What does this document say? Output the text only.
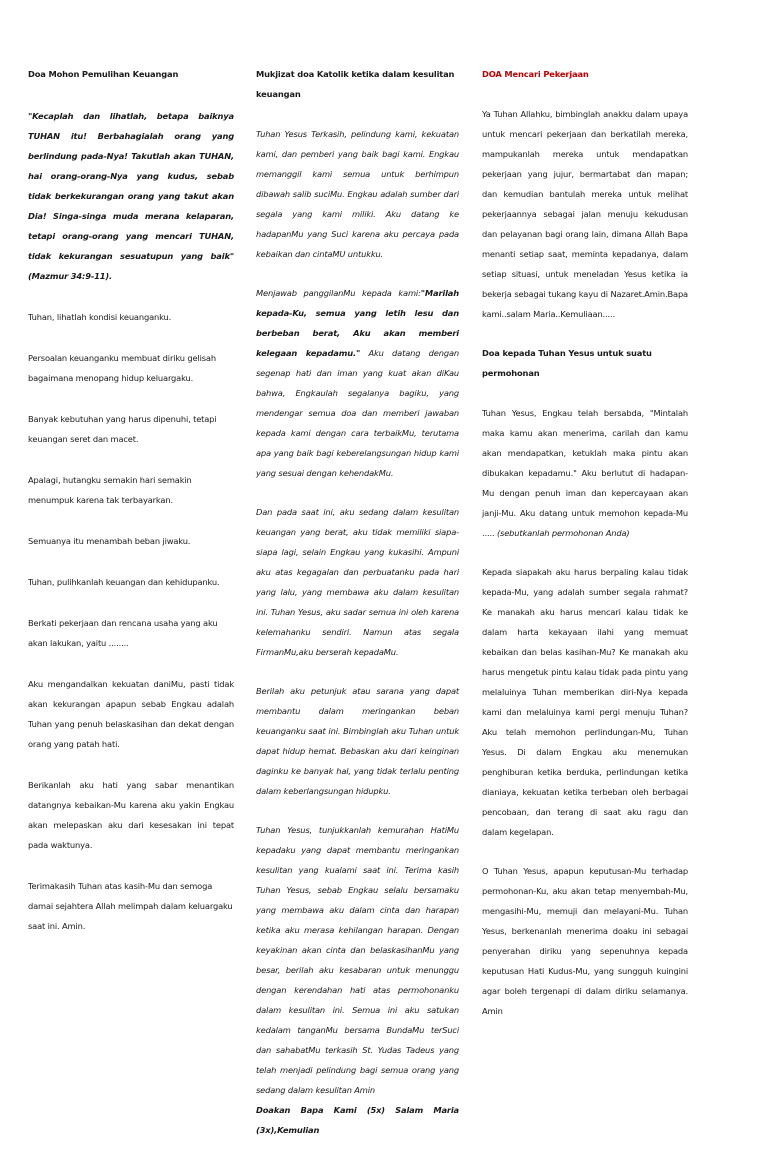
Doa Mohon Pemulihan Keuangan

"Kecaplah dan lihatlah, betapa baiknya TUHAN itu! Berbahagialah orang yang berlindung pada-Nya! Takutlah akan TUHAN, hai orang-orang-Nya yang kudus, sebab tidak berkekurangan orang yang takut akan Dia! Singa-singa muda merana kelaparan, tetapi orang-orang yang mencari TUHAN, tidak kekurangan sesuatupun yang baik" (Mazmur 34:9-11).

Tuhan, lihatlah kondisi keuanganku.

Persoalan keuanganku membuat diriku gelisah bagaimana menopang hidup keluargaku.

Banyak kebutuhan yang harus dipenuhi, tetapi keuangan seret dan macet.

Apalagi, hutangku semakin hari semakin menumpuk karena tak terbayarkan.

Semuanya itu menambah beban jiwaku.

Tuhan, pulihkanlah keuangan dan kehidupanku.

Berkati pekerjaan dan rencana usaha yang aku akan lakukan, yaitu ........

Aku mengandalkan kekuatan daniMu, pasti tidak akan kekurangan apapun sebab Engkau adalah Tuhan yang penuh belaskasihan dan dekat dengan orang yang patah hati.

Berikanlah aku hati yang sabar menantikan datangnya kebaikan-Mu karena aku yakin Engkau akan melepaskan aku dari kesesakan ini tepat pada waktunya.

Terimakasih Tuhan atas kasih-Mu dan semoga damai sejahtera Allah melimpah dalam keluargaku saat ini. Amin.

Mukjizat doa Katolik ketika dalam kesulitan keuangan

Tuhan Yesus Terkasih, pelindung kami, kekuatan kami, dan pemberi yang baik bagi kami. Engkau memanggil kami semua untuk berhimpun dibawah salib suciMu. Engkau adalah sumber dari segala yang kami miliki. Aku datang ke hadapanMu yang Suci karena aku percaya pada kebaikan dan cintaMU untukku.

Menjawab panggilanMu kepada kami:"Marilah kepada-Ku, semua yang letih lesu dan berbeban berat, Aku akan memberi kelegaan kepadamu." Aku datang dengan segenap hati dan iman yang kuat akan diKau bahwa, Engkaulah segalanya bagiku, yang mendengar semua doa dan memberi jawaban kepada kami dengan cara terbaikMu, terutama apa yang baik bagi keberelangsungan hidup kami yang sesuai dengan kehendakMu.

Dan pada saat ini, aku sedang dalam kesulitan keuangan yang berat, aku tidak memiliki siapa-siapa lagi, selain Engkau yang kukasihi. Ampuni aku atas kegagalan dan perbuatanku pada hari yang lalu, yang membawa aku dalam kesulitan ini. Tuhan Yesus, aku sadar semua ini oleh karena kelemahanku sendiri. Namun atas segala FirmanMu,aku berserah kepadaMu.

Berilah aku petunjuk atau sarana yang dapat membantu dalam meringankan beban keuanganku saat ini. Bimbinglah aku Tuhan untuk dapat hidup hemat. Bebaskan aku dari keinginan daginku ke banyak hal, yang tidak terlalu penting dalam keberlangsungan hidupku.

Tuhan Yesus, tunjukkanlah kemurahan HatiMu kepadaku yang dapat membantu meringankan kesulitan yang kualami saat ini. Terima kasih Tuhan Yesus, sebab Engkau selalu bersamaku yang membawa aku dalam cinta dan harapan ketika aku merasa kehilangan harapan. Dengan keyakinan akan cinta dan belaskasihanMu yang besar, berilah aku kesabaran untuk menunggu dengan kerendahan hati atas permohonanku dalam kesulitan ini. Semua ini aku satukan kedalam tanganMu bersama BundaMu terSuci dan sahabatMu terkasih St. Yudas Tadeus yang telah menjadi pelindung bagi semua orang yang sedang dalam kesulitan Amin

Doakan Bapa Kami (5x) Salam Maria (3x),Kemulian

DOA Mencari Pekerjaan

Ya Tuhan Allahku, bimbinglah anakku dalam upaya untuk mencari pekerjaan dan berkatilah mereka, mampukanlah mereka untuk mendapatkan pekerjaan yang jujur, bermartabat dan mapan; dan kemudian bantulah mereka untuk melihat pekerjaannya sebagai jalan menuju kekudusan dan pelayanan bagi orang lain, dimana Allah Bapa menanti setiap saat, meminta kepadanya, dalam setiap situasi, untuk meneladan Yesus ketika ia bekerja sebagai tukang kayu di Nazaret.Amin.Bapa kami..salam Maria..Kemuliaan.....

Doa kepada Tuhan Yesus untuk suatu permohonan

Tuhan Yesus, Engkau telah bersabda, "Mintalah maka kamu akan menerima, carilah dan kamu akan mendapatkan, ketuklah maka pintu akan dibukakan kepadamu." Aku berlutut di hadapan-Mu dengan penuh iman dan kepercayaan akan janji-Mu. Aku datang untuk memohon kepada-Mu ..... (sebutkanlah permohonan Anda)

Kepada siapakah aku harus berpaling kalau tidak kepada-Mu, yang adalah sumber segala rahmat? Ke manakah aku harus mencari kalau tidak ke dalam harta kekayaan ilahi yang memuat kebaikan dan belas kasihan-Mu? Ke manakah aku harus mengetuk pintu kalau tidak pada pintu yang melaluinya Tuhan memberikan diri-Nya kepada kami dan melaluinya kami pergi menuju Tuhan? Aku telah memohon perlindungan-Mu, Tuhan Yesus. Di dalam Engkau aku menemukan penghiburan ketika berduka, perlindungan ketika dianiaya, kekuatan ketika terbeban oleh berbagai pencobaan, dan terang di saat aku ragu dan dalam kegelapan.

O Tuhan Yesus, apapun keputusan-Mu terhadap permohonan-Ku, aku akan tetap menyembah-Mu, mengasihi-Mu, memuji dan melayani-Mu. Tuhan Yesus, berkenanlah menerima doaku ini sebagai penyerahan diriku yang sepenuhnya kepada keputusan Hati Kudus-Mu, yang sungguh kuingini agar boleh tergenapi di dalam diriku selamanya. Amin
